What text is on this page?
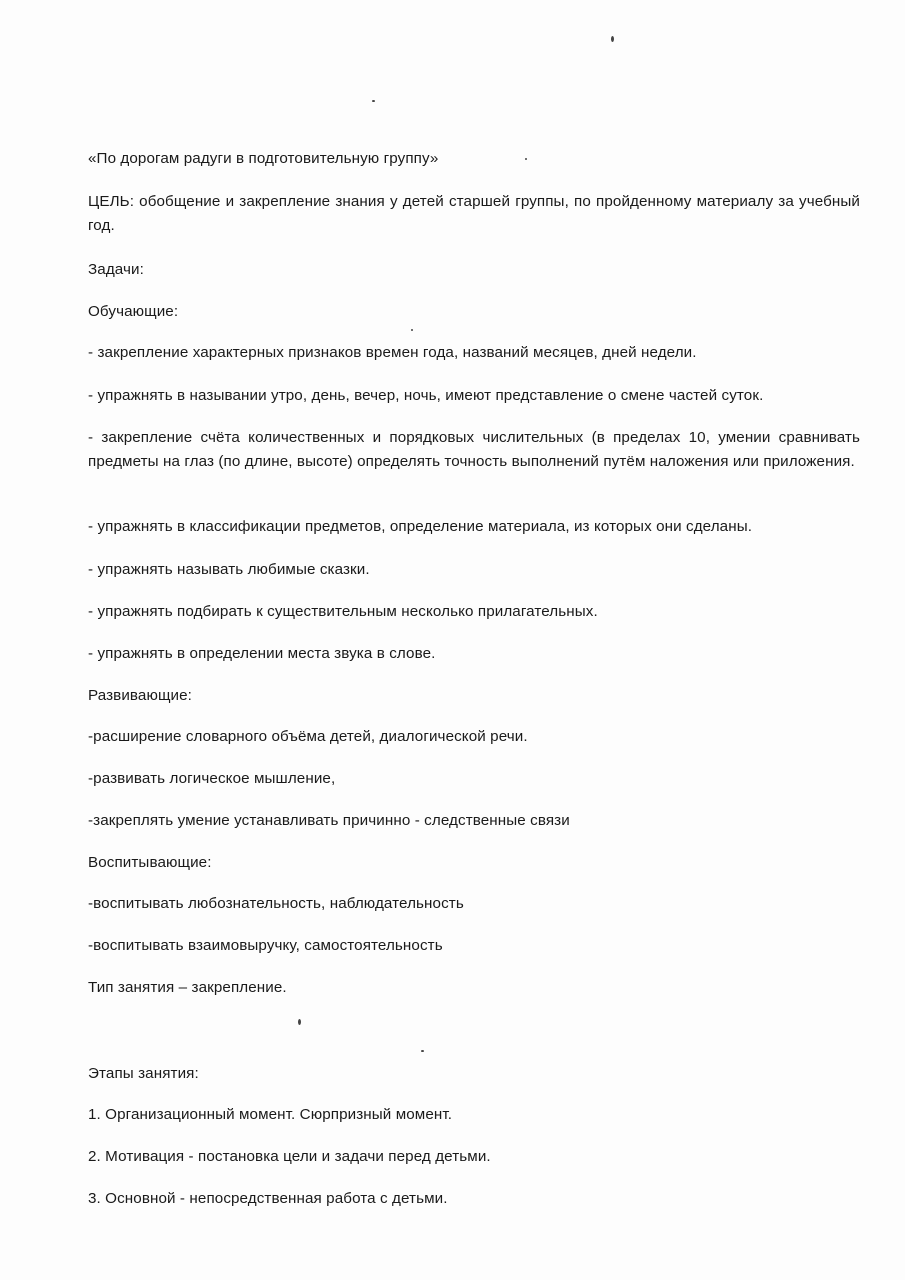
«По дорогам радуги в подготовительную группу»
ЦЕЛЬ: обобщение и закрепление знания у детей старшей группы, по пройденному материалу за учебный год.
Задачи:
Обучающие:
- закрепление характерных признаков времен года, названий месяцев, дней недели.
- упражнять в назывании утро, день, вечер, ночь, имеют представление о смене частей суток.
- закрепление счёта количественных и порядковых числительных (в пределах 10, умении сравнивать предметы на глаз (по длине, высоте) определять точность выполнений путём наложения или приложения.
- упражнять в классификации предметов, определение материала, из которых они сделаны.
- упражнять называть любимые сказки.
- упражнять подбирать к существительным несколько прилагательных.
- упражнять в определении места звука в слове.
Развивающие:
-расширение словарного объёма детей, диалогической речи.
-развивать логическое мышление,
-закреплять умение устанавливать причинно - следственные связи
Воспитывающие:
-воспитывать любознательность, наблюдательность
-воспитывать взаимовыручку, самостоятельность
Тип занятия – закрепление.
Этапы занятия:
1. Организационный момент. Сюрпризный момент.
2. Мотивация - постановка цели и задачи перед детьми.
3. Основной - непосредственная работа с детьми.
